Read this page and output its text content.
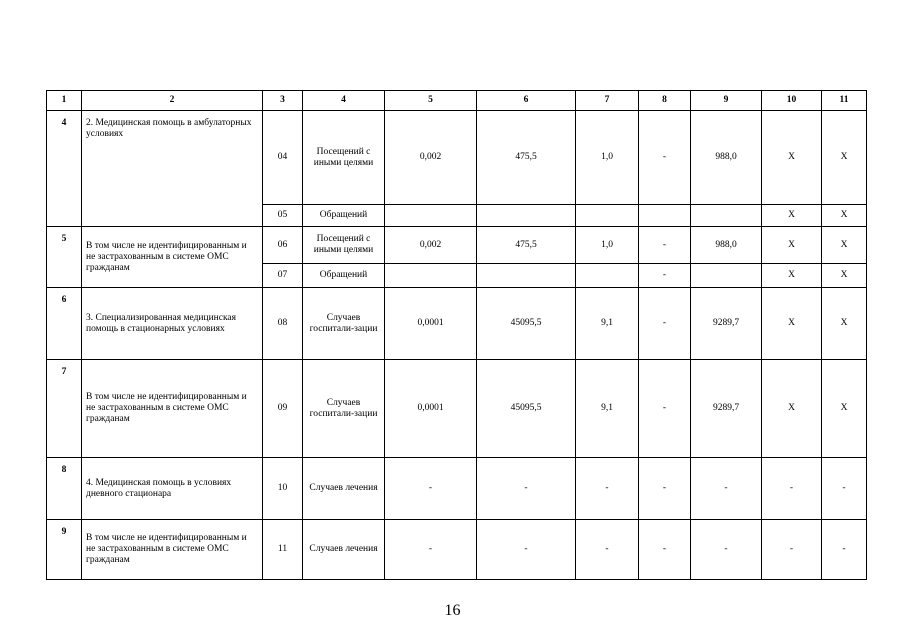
1	2	3	4	5	6	7	8	9	10	11
4	2. Медицинская помощь в амбулаторных условиях	04	Посещений с иными целями	0,002	475,5	1,0	-	988,0	X	X
		05	Обращений						X	X
5	В том числе не идентифицированным и не застрахованным в системе ОМС гражданам	06	Посещений с иными целями	0,002	475,5	1,0	-	988,0	X	X
		07	Обращений				-		X	X
6	3. Специализированная медицинская помощь в стационарных условиях	08	Случаев госпитали-зации	0,0001	45095,5	9,1	-	9289,7	X	X
7	В том числе не идентифицированным и не застрахованным в системе ОМС гражданам	09	Случаев госпитали-зации	0,0001	45095,5	9,1	-	9289,7	X	X
8	4. Медицинская помощь в условиях дневного стационара	10	Случаев лечения	-	-	-	-	-	-	-
9	В том числе не идентифицированным и не застрахованным в системе ОМС гражданам	11	Случаев лечения	-	-	-	-	-	-	-
16
